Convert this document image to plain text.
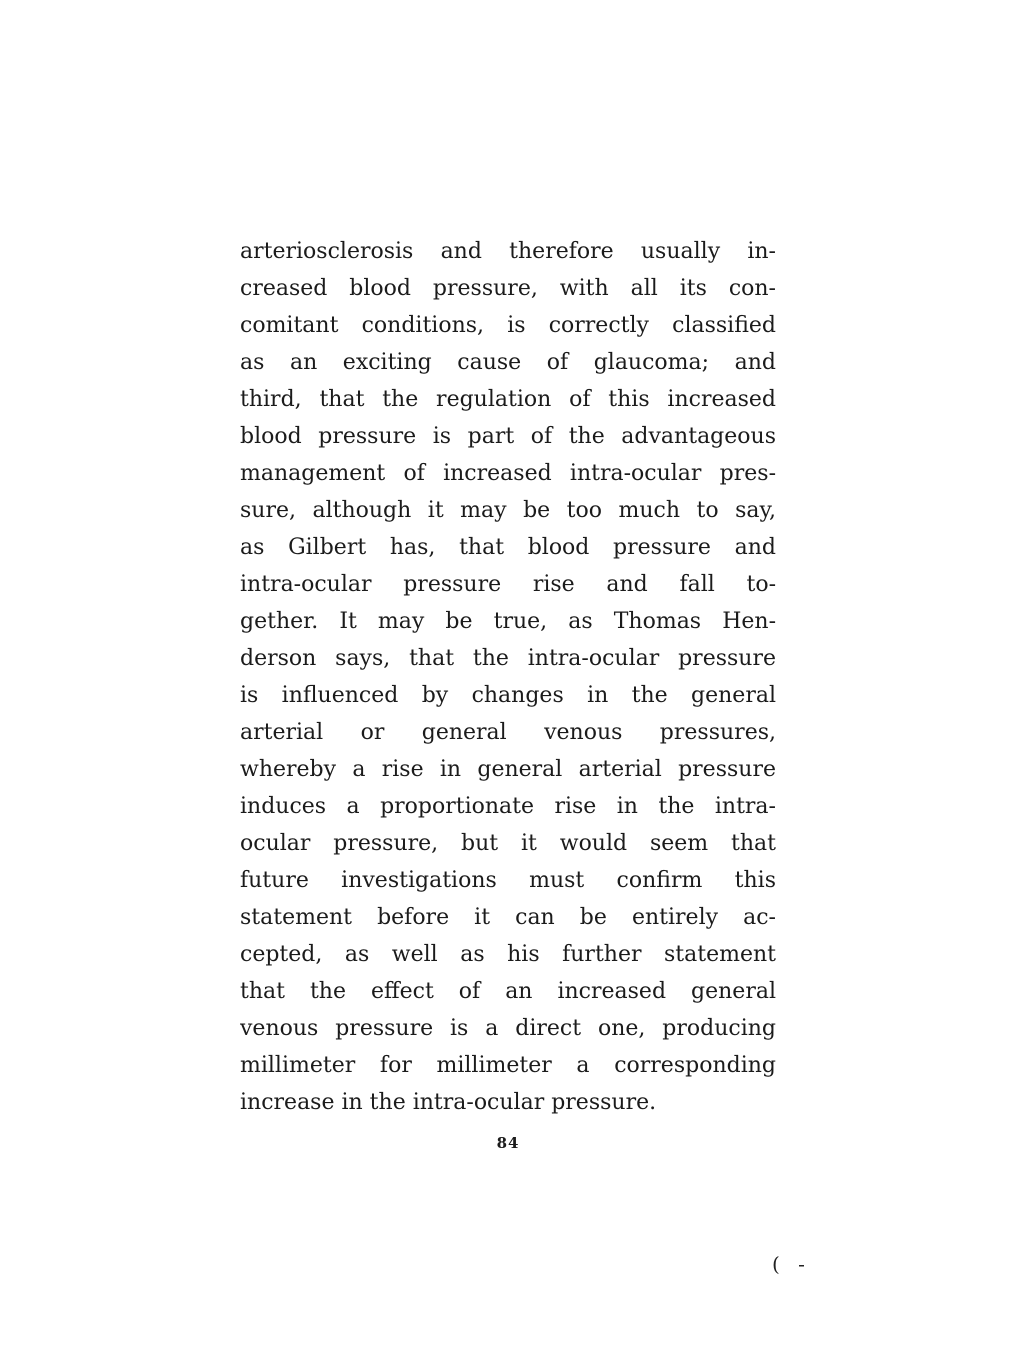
arteriosclerosis and therefore usually in-
creased blood pressure, with all its con-
comitant conditions, is correctly classified
as an exciting cause of glaucoma; and
third, that the regulation of this increased
blood pressure is part of the advantageous
management of increased intra-ocular pres-
sure, although it may be too much to say,
as Gilbert has, that blood pressure and
intra-ocular pressure rise and fall to-
gether. It may be true, as Thomas Hen-
derson says, that the intra-ocular pressure
is influenced by changes in the general
arterial or general venous pressures,
whereby a rise in general arterial pressure
induces a proportionate rise in the intra-
ocular pressure, but it would seem that
future investigations must confirm this
statement before it can be entirely ac-
cepted, as well as his further statement
that the effect of an increased general
venous pressure is a direct one, producing
millimeter for millimeter a corresponding
increase in the intra-ocular pressure.
84
( -
